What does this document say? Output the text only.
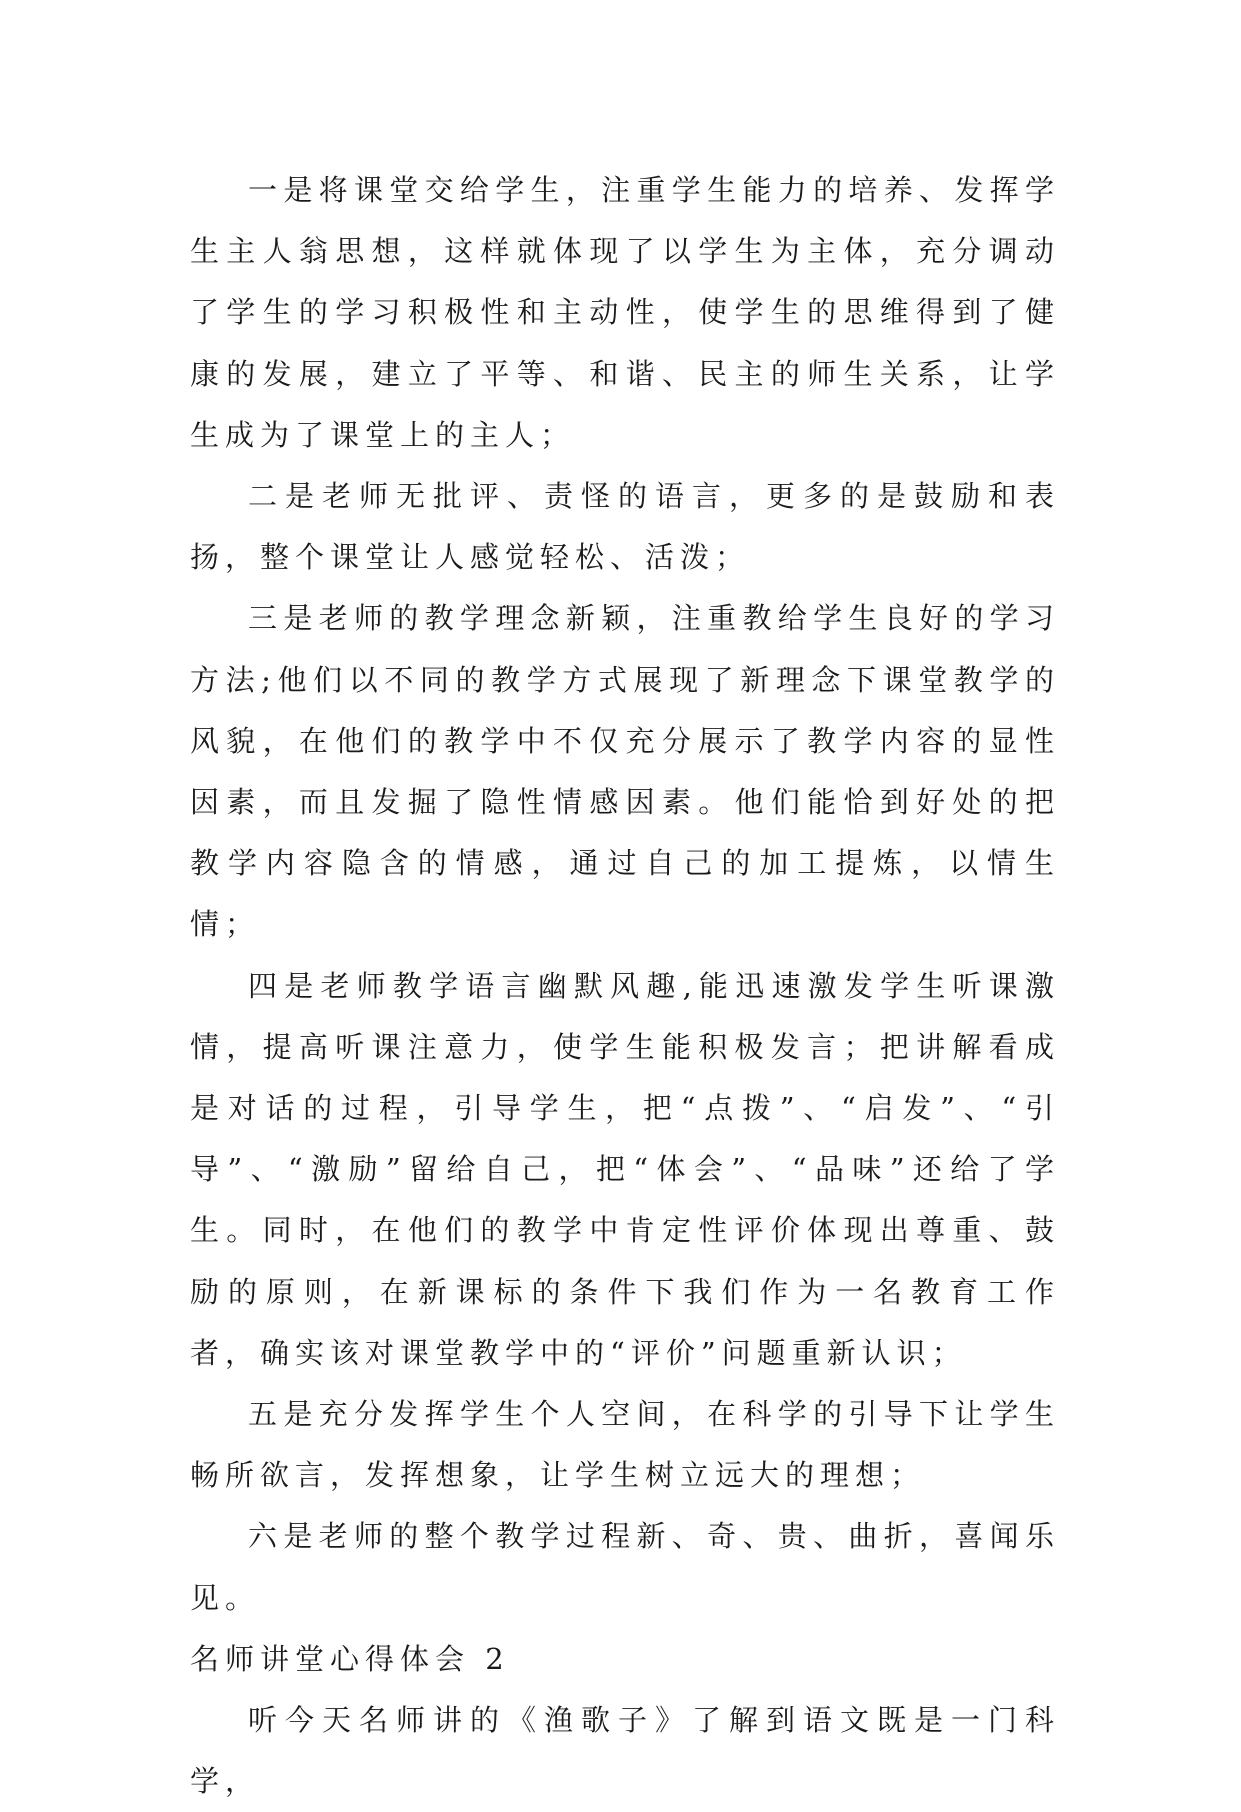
一是将课堂交给学生，注重学生能力的培养、发挥学生主人翁思想，这样就体现了以学生为主体，充分调动了学生的学习积极性和主动性，使学生的思维得到了健康的发展，建立了平等、和谐、民主的师生关系，让学生成为了课堂上的主人；

二是老师无批评、责怪的语言，更多的是鼓励和表扬，整个课堂让人感觉轻松、活泼；

三是老师的教学理念新颖，注重教给学生良好的学习方法;他们以不同的教学方式展现了新理念下课堂教学的风貌，在他们的教学中不仅充分展示了教学内容的显性因素，而且发掘了隐性情感因素。他们能恰到好处的把教学内容隐含的情感，通过自己的加工提炼，以情生情；

四是老师教学语言幽默风趣,能迅速激发学生听课激情，提高听课注意力，使学生能积极发言；把讲解看成是对话的过程，引导学生，把“点拨”、“启发”、“引导”、“激励”留给自己，把“体会”、“品味”还给了学生。同时，在他们的教学中肯定性评价体现出尊重、鼓励的原则，在新课标的条件下我们作为一名教育工作者，确实该对课堂教学中的“评价”问题重新认识；

五是充分发挥学生个人空间，在科学的引导下让学生畅所欲言，发挥想象，让学生树立远大的理想；

六是老师的整个教学过程新、奇、贵、曲折，喜闻乐见。

名师讲堂心得体会 2

听今天名师讲的《渔歌子》了解到语文既是一门科学，
